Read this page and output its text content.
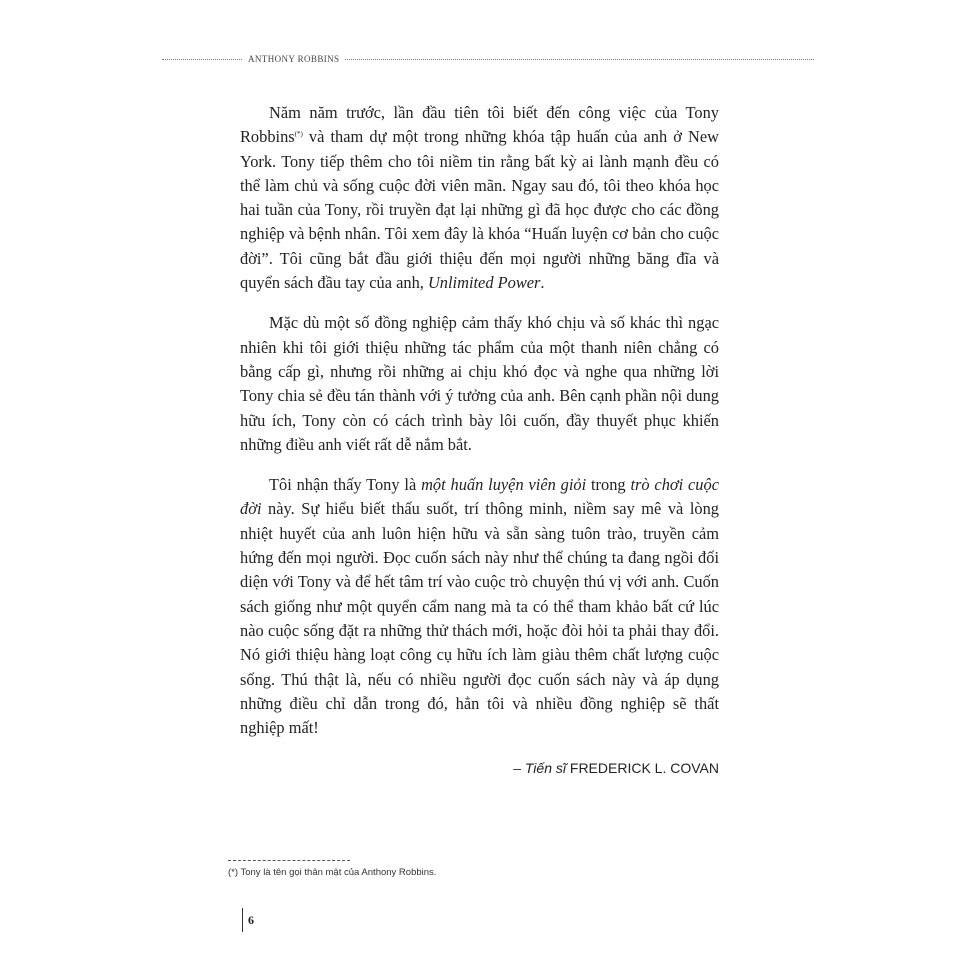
ANTHONY ROBBINS

Năm năm trước, lần đầu tiên tôi biết đến công việc của Tony Robbins(*) và tham dự một trong những khóa tập huấn của anh ở New York. Tony tiếp thêm cho tôi niềm tin rằng bất kỳ ai lành mạnh đều có thể làm chủ và sống cuộc đời viên mãn. Ngay sau đó, tôi theo khóa học hai tuần của Tony, rồi truyền đạt lại những gì đã học được cho các đồng nghiệp và bệnh nhân. Tôi xem đây là khóa “Huấn luyện cơ bản cho cuộc đời”. Tôi cũng bắt đầu giới thiệu đến mọi người những băng đĩa và quyển sách đầu tay của anh, Unlimited Power.

Mặc dù một số đồng nghiệp cảm thấy khó chịu và số khác thì ngạc nhiên khi tôi giới thiệu những tác phẩm của một thanh niên chẳng có bằng cấp gì, nhưng rồi những ai chịu khó đọc và nghe qua những lời Tony chia sẻ đều tán thành với ý tưởng của anh. Bên cạnh phần nội dung hữu ích, Tony còn có cách trình bày lôi cuốn, đầy thuyết phục khiến những điều anh viết rất dễ nắm bắt.

Tôi nhận thấy Tony là một huấn luyện viên giỏi trong trò chơi cuộc đời này. Sự hiểu biết thấu suốt, trí thông minh, niềm say mê và lòng nhiệt huyết của anh luôn hiện hữu và sẵn sàng tuôn trào, truyền cảm hứng đến mọi người. Đọc cuốn sách này như thể chúng ta đang ngồi đối diện với Tony và để hết tâm trí vào cuộc trò chuyện thú vị với anh. Cuốn sách giống như một quyển cẩm nang mà ta có thể tham khảo bất cứ lúc nào cuộc sống đặt ra những thử thách mới, hoặc đòi hỏi ta phải thay đổi. Nó giới thiệu hàng loạt công cụ hữu ích làm giàu thêm chất lượng cuộc sống. Thú thật là, nếu có nhiều người đọc cuốn sách này và áp dụng những điều chỉ dẫn trong đó, hẳn tôi và nhiều đồng nghiệp sẽ thất nghiệp mất!

– Tiến sĩ FREDERICK L. COVAN
(*) Tony là tên gọi thân mật của Anthony Robbins.
6
